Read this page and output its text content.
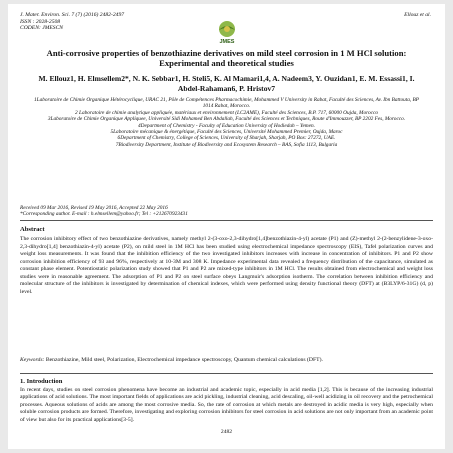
J. Mater. Environ. Sci. 7 (7) (2016) 2482-2497
ISSN : 2028-2508
CODEN: JMESCN
Ellouz et al.
JMES
Anti-corrosive properties of benzothiazine derivatives on mild steel corrosion in 1 M HCl solution: Experimental and theoretical studies
M. Ellouz1, H. Elmsellem2*, N. K. Sebbar1, H. Steli5, K. Al Mamari1,4, A. Nadeem3, Y. Ouzidan1, E. M. Essassi1, I. Abdel-Rahaman6, P. Hristov7

1Laboratoire de Chimie Organique Hétérocyclique, URAC 21, Pôle de Compétences Pharmacochimie, Mohammed V University in Rabat, Faculté des Sciences, Av. Ibn Battouta, BP 1014 Rabat, Morocco.

2 Laboratoire de chimie analytique appliquée, matériaux et environnement (LC2AME), Faculté des Sciences, B.P. 717, 60000 Oujda, Morocco

3Laboratoire de Chimie Organique Appliquee, Université Sidi Mohamed Ben Abdallah, Faculté des Sciences et Techniques, Route d'Immouzzer, BP 2202 Fes, Morocco.

4Department of Chemistry - Faculty of Education University of Hodiedah – Yemen.

5Laboratoire mécanique & énergétique, Faculté des Sciences, Université Mohammed Premier, Oujda, Maroc

6Department of Chemistry, College of Sciences, University of Sharjah, Sharjah, PO Box: 27272, UAE.

7Biodiversity Department, Institute of Biodiversity and Ecosystem Research – BAS, Sofia 1113, Bulgaria

Received 09 Mar 2016, Revised 19 May 2016, Accepted 22 May 2016

*Corresponding author. E-mail : h.elmsellem@yahoo.fr; Tel : +212670923431

Abstract

The corrosion inhibitory effect of two benzothiazine derivatives, namely methyl 2-(3-oxo-2,3-dihydro[1,4]benzothiazin-4-yl) acetate (P1) and (Z)-methyl 2-(2-benzylidene-3-oxo-2,3-dihydro[1,4] benzothiazin-4-yl) acetate (P2), on mild steel in 1M HCl has been studied using electrochemical impedance spectroscopy (EIS), Tafel polarization curves and weight loss measurements. It was found that the inhibition efficiency of the two investigated inhibitors increases with increase in concentration of inhibitors. P1 and P2 show corrosion inhibition efficiency of 93 and 96%, respectively at 10-3M and 308 K. Impedance experimental data revealed a frequency distribution of the capacitance, simulated as constant phase element. Potentiostatic polarization study showed that P1 and P2 are mixed-type inhibitors in 1M HCl. The results obtained from electrochemical and weight loss studies were in reasonable agreement. The adsorption of P1 and P2 on steel surface obeys Langmuir's adsorption isotherm. The correlation between inhibition efficiency and molecular structure of the inhibitors is investigated by determination of chemical indexes, which were performed using density functional theory (DFT) at (B3LYP/6-31G) (d, p) level.

Keywords: Benzothiazine, Mild steel, Polarization, Electrochemical impedance spectroscopy, Quantum chemical calculations (DFT).

1. Introduction

In recent days, studies on steel corrosion phenomena have become an industrial and academic topic, especially in acid media [1,2]. This is because of the increasing industrial applications of acid solutions. The most important fields of applications are acid pickling, industrial cleaning, acid descaling, oil-well acidizing in oil recovery and the petrochemical processes. Aqueous solutions of acids are among the most corrosive media. So, the rate of corrosion at which metals are destroyed in acidic media is very high, especially when soluble corrosion products are formed. Therefore, investigating and exploring corrosion inhibitors for steel corrosion in acid solutions are not only important from an academic point of view but also for its practical applications[3-5].

2482
